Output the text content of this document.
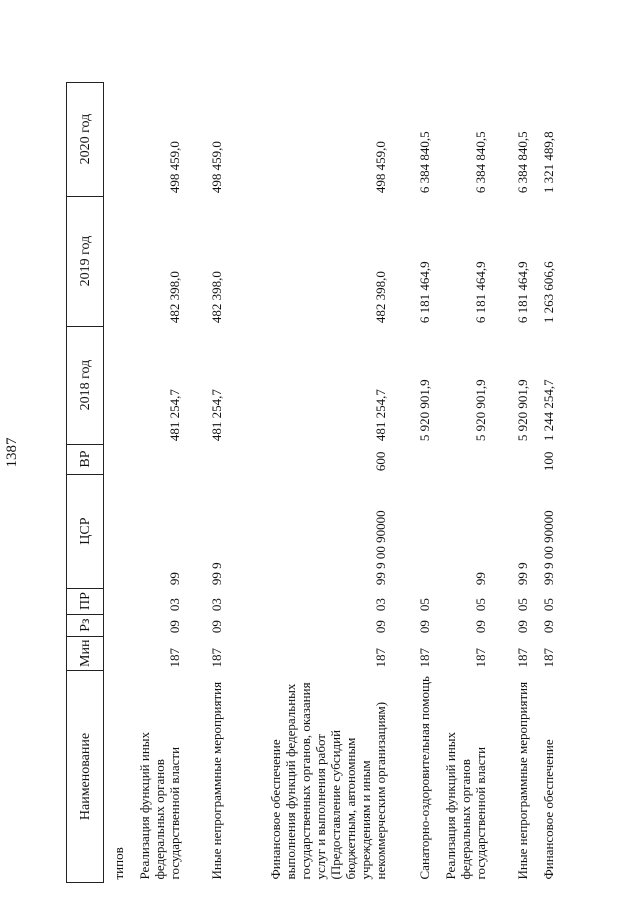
1387
Наименование	Мин	Рз	ПР	ЦСР	ВР	2018 год	2019 год	2020 год
типов								
Реализация функций иных федеральных органов государственной власти	187	09	03	99		481 254,7	482 398,0	498 459,0
Иные непрограммные мероприятия	187	09	03	99 9		481 254,7	482 398,0	498 459,0
Финансовое обеспечение выполнения функций федеральных государственных органов, оказания услуг и выполнения работ (Предоставление субсидий бюджетным, автономным учреждениям и иным некоммерческим организациям)	187	09	03	99 9 00 90000	600	481 254,7	482 398,0	498 459,0
Санаторно-оздоровительная помощь	187	09	05			5 920 901,9	6 181 464,9	6 384 840,5
Реализация функций иных федеральных органов государственной власти	187	09	05	99		5 920 901,9	6 181 464,9	6 384 840,5
Иные непрограммные мероприятия	187	09	05	99 9		5 920 901,9	6 181 464,9	6 384 840,5
Финансовое обеспечение	187	09	05	99 9 00 90000	100	1 244 254,7	1 263 606,6	1 321 489,8
